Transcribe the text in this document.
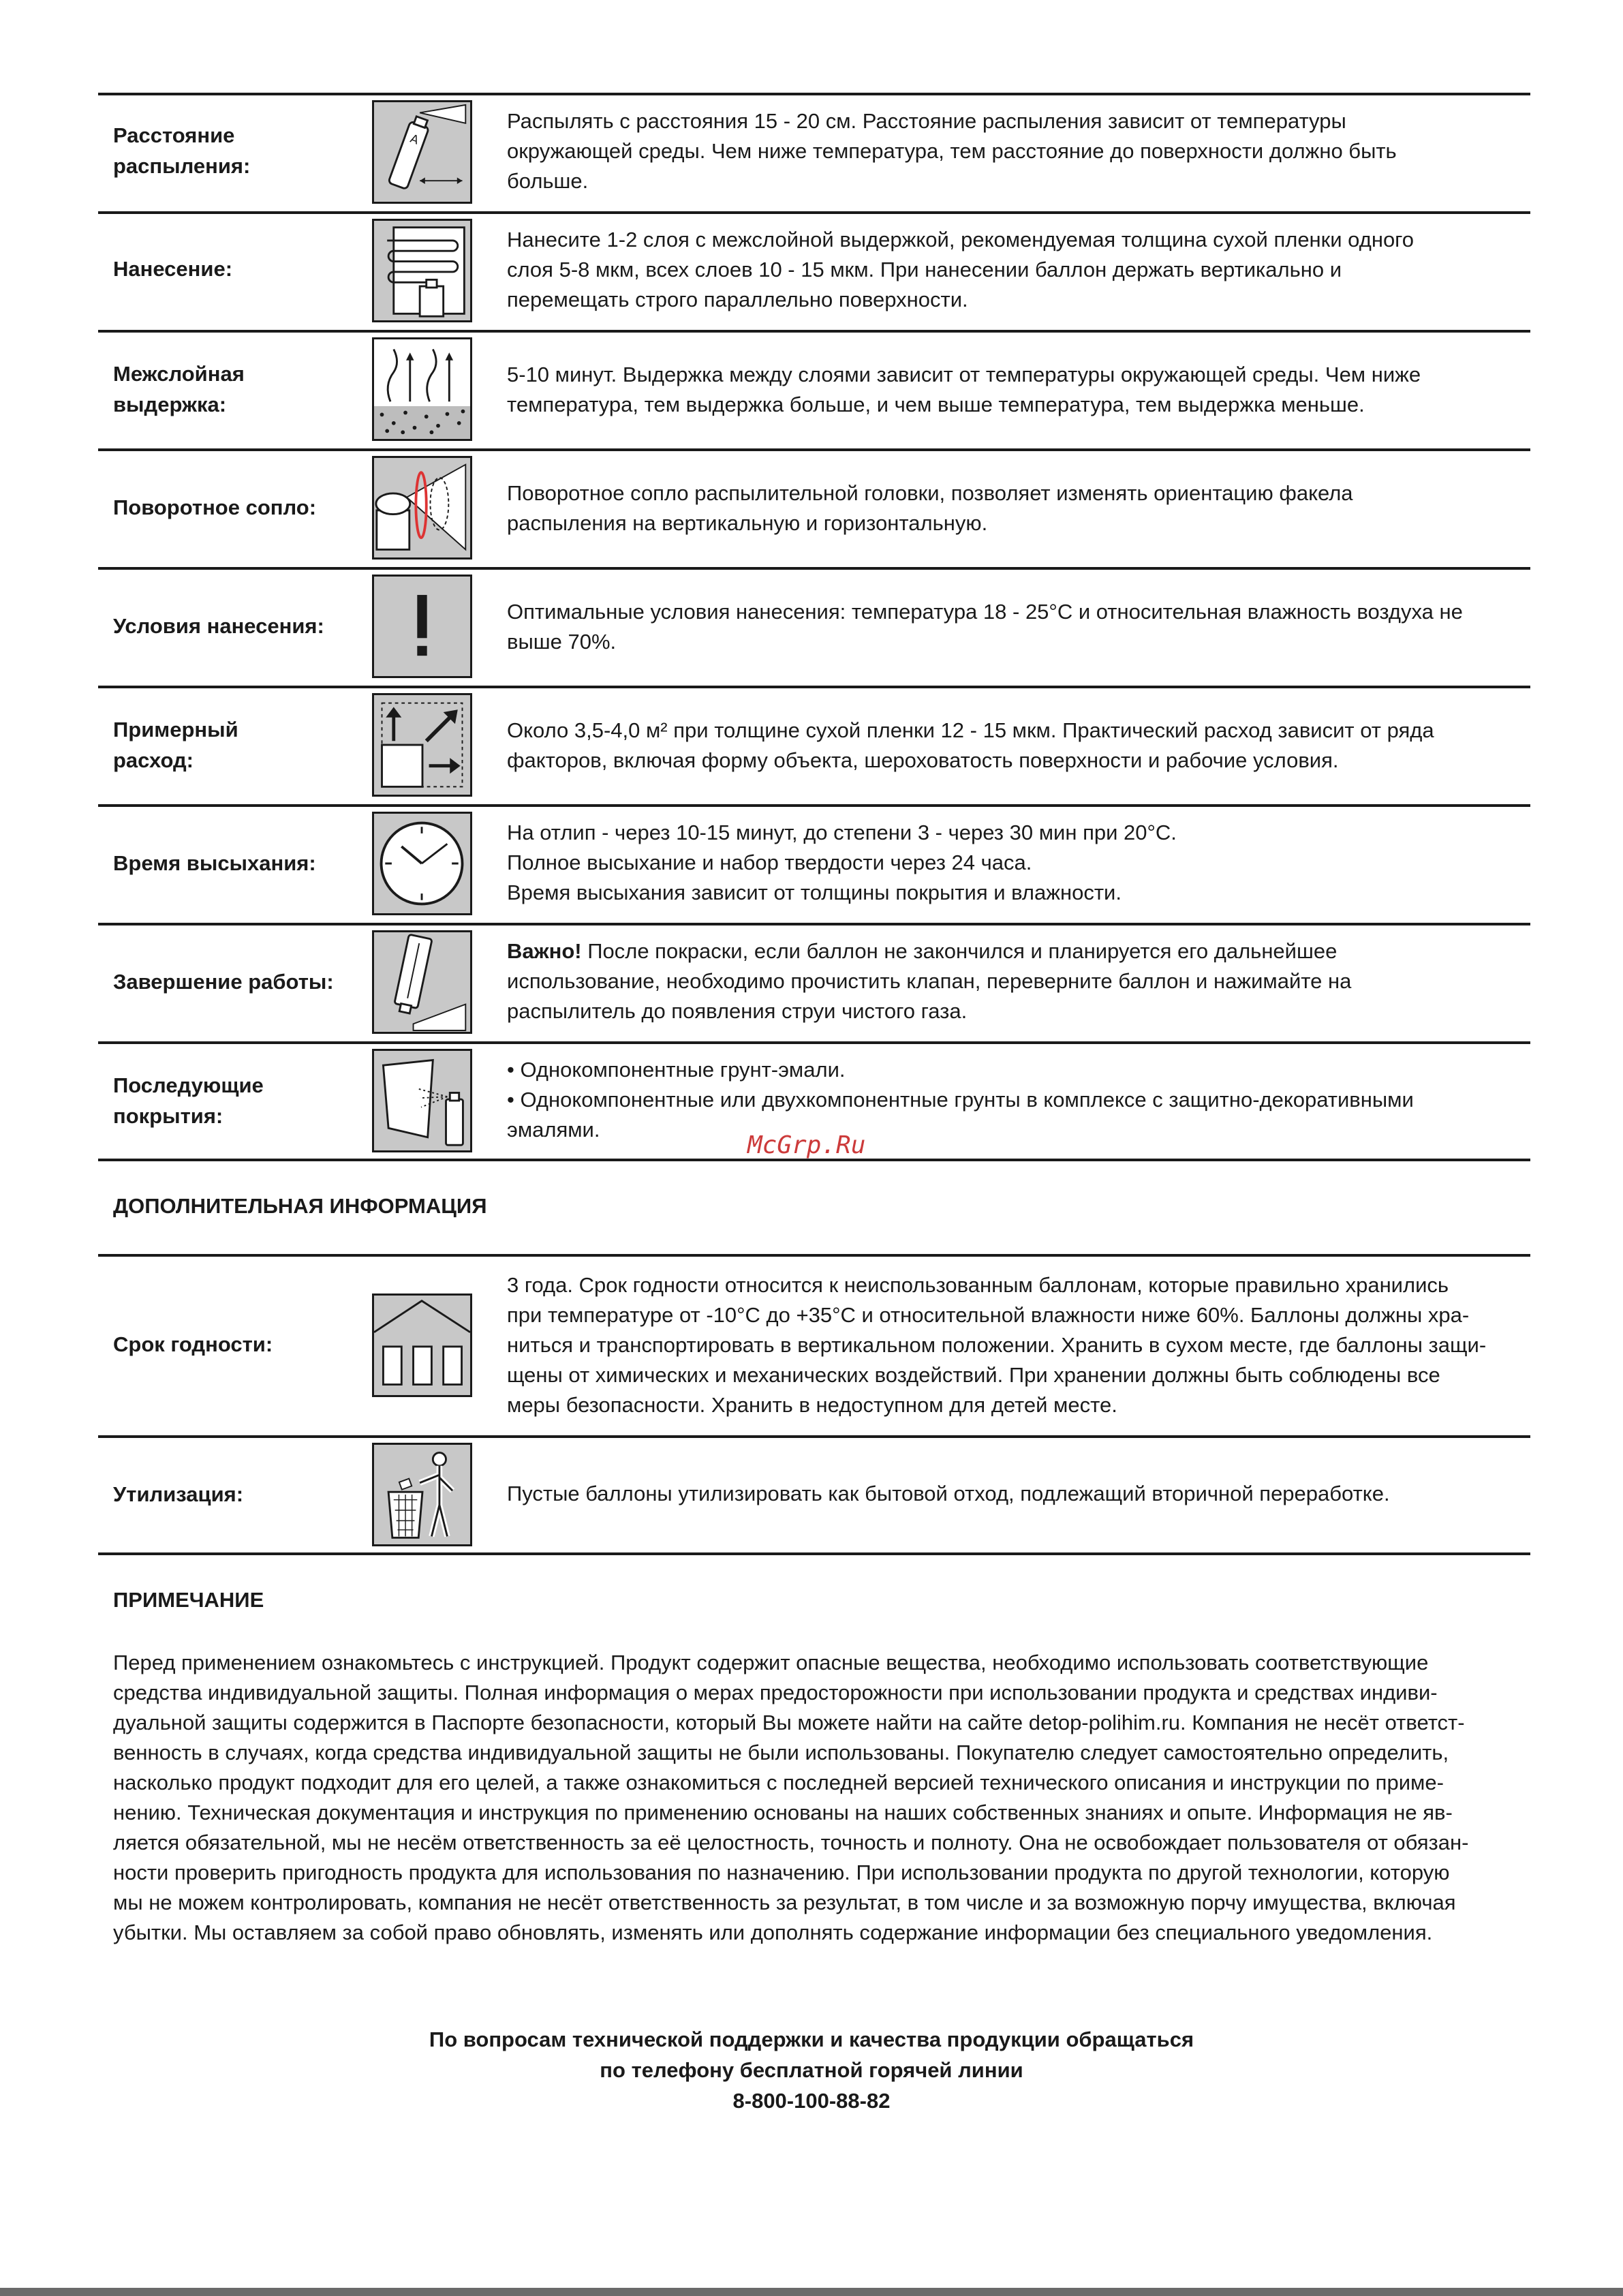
Расстояние
распыления:
A
Распылять с расстояния 15 - 20 см. Расстояние распыления зависит от температуры
окружающей среды. Чем ниже температура, тем расстояние до поверхности должно быть
больше.
Нанесение:
Нанесите 1-2 слоя с межслойной выдержкой, рекомендуемая толщина сухой пленки одного
слоя 5-8 мкм, всех слоев 10 - 15 мкм. При нанесении баллон держать вертикально и
перемещать строго параллельно поверхности.
Межслойная
выдержка:
5-10 минут. Выдержка между слоями зависит от температуры окружающей среды. Чем ниже
температура, тем выдержка больше, и чем выше температура, тем выдержка меньше.
Поворотное сопло:
Поворотное сопло распылительной головки, позволяет изменять ориентацию факела
распыления на вертикальную и горизонтальную.
Условия нанесения:
Оптимальные условия нанесения: температура 18 - 25°С и относительная влажность воздуха не
выше 70%.
Примерный
расход:
Около 3,5-4,0 м² при толщине сухой пленки 12 - 15 мкм. Практический расход зависит от ряда
факторов, включая форму объекта, шероховатость поверхности и рабочие условия.
Время высыхания:
На отлип - через 10-15 минут, до степени 3 - через 30 мин при 20°С.
Полное высыхание и набор твердости через 24 часа.
Время высыхания зависит от толщины покрытия и влажности.
Завершение работы:
Важно! После покраски, если баллон не закончился и планируется его дальнейшее
использование, необходимо прочистить клапан, переверните баллон и нажимайте на
распылитель до появления струи чистого газа.
Последующие
покрытия:
• Однокомпонентные грунт-эмали.
• Однокомпонентные или двухкомпонентные грунты в комплексе с защитно-декоративными
эмалями.
McGrp.Ru
ДОПОЛНИТЕЛЬНАЯ ИНФОРМАЦИЯ
Срок годности:
3 года. Срок годности относится к неиспользованным баллонам, которые правильно хранились
при температуре от -10°С до +35°С и относительной влажности ниже 60%. Баллоны должны хра-
ниться и транспортировать в вертикальном положении. Хранить в сухом месте, где баллоны защи-
щены от химических и механических воздействий. При хранении должны быть соблюдены все
меры безопасности. Хранить в недоступном для детей месте.
Утилизация:	Пустые баллоны утилизировать как бытовой отход, подлежащий вторичной переработке.
ПРИМЕЧАНИЕ
Перед применением ознакомьтесь с инструкцией. Продукт содержит опасные вещества, необходимо использовать соответствующие
средства индивидуальной защиты. Полная информация о мерах предосторожности при использовании продукта и средствах индиви-
дуальной защиты содержится в Паспорте безопасности, который Вы можете найти на сайте detop-polihim.ru. Компания не несёт ответст-
венность в случаях, когда средства индивидуальной защиты не были использованы. Покупателю следует самостоятельно определить,
насколько продукт подходит для его целей, а также ознакомиться с последней версией технического описания и инструкции по приме-
нению. Техническая документация и инструкция по применению основаны на наших собственных знаниях и опыте. Информация не яв-
ляется обязательной, мы не несём ответственность за её целостность, точность и полноту. Она не освобождает пользователя от обязан-
ности проверить пригодность продукта для использования по назначению. При использовании продукта по другой технологии, которую
мы не можем контролировать, компания не несёт ответственность за результат, в том числе и за возможную порчу имущества, включая
убытки. Мы оставляем за собой право обновлять, изменять или дополнять содержание информации без специального уведомления.
По вопросам технической поддержки и качества продукции обращаться
по телефону бесплатной горячей линии
8-800-100-88-82
